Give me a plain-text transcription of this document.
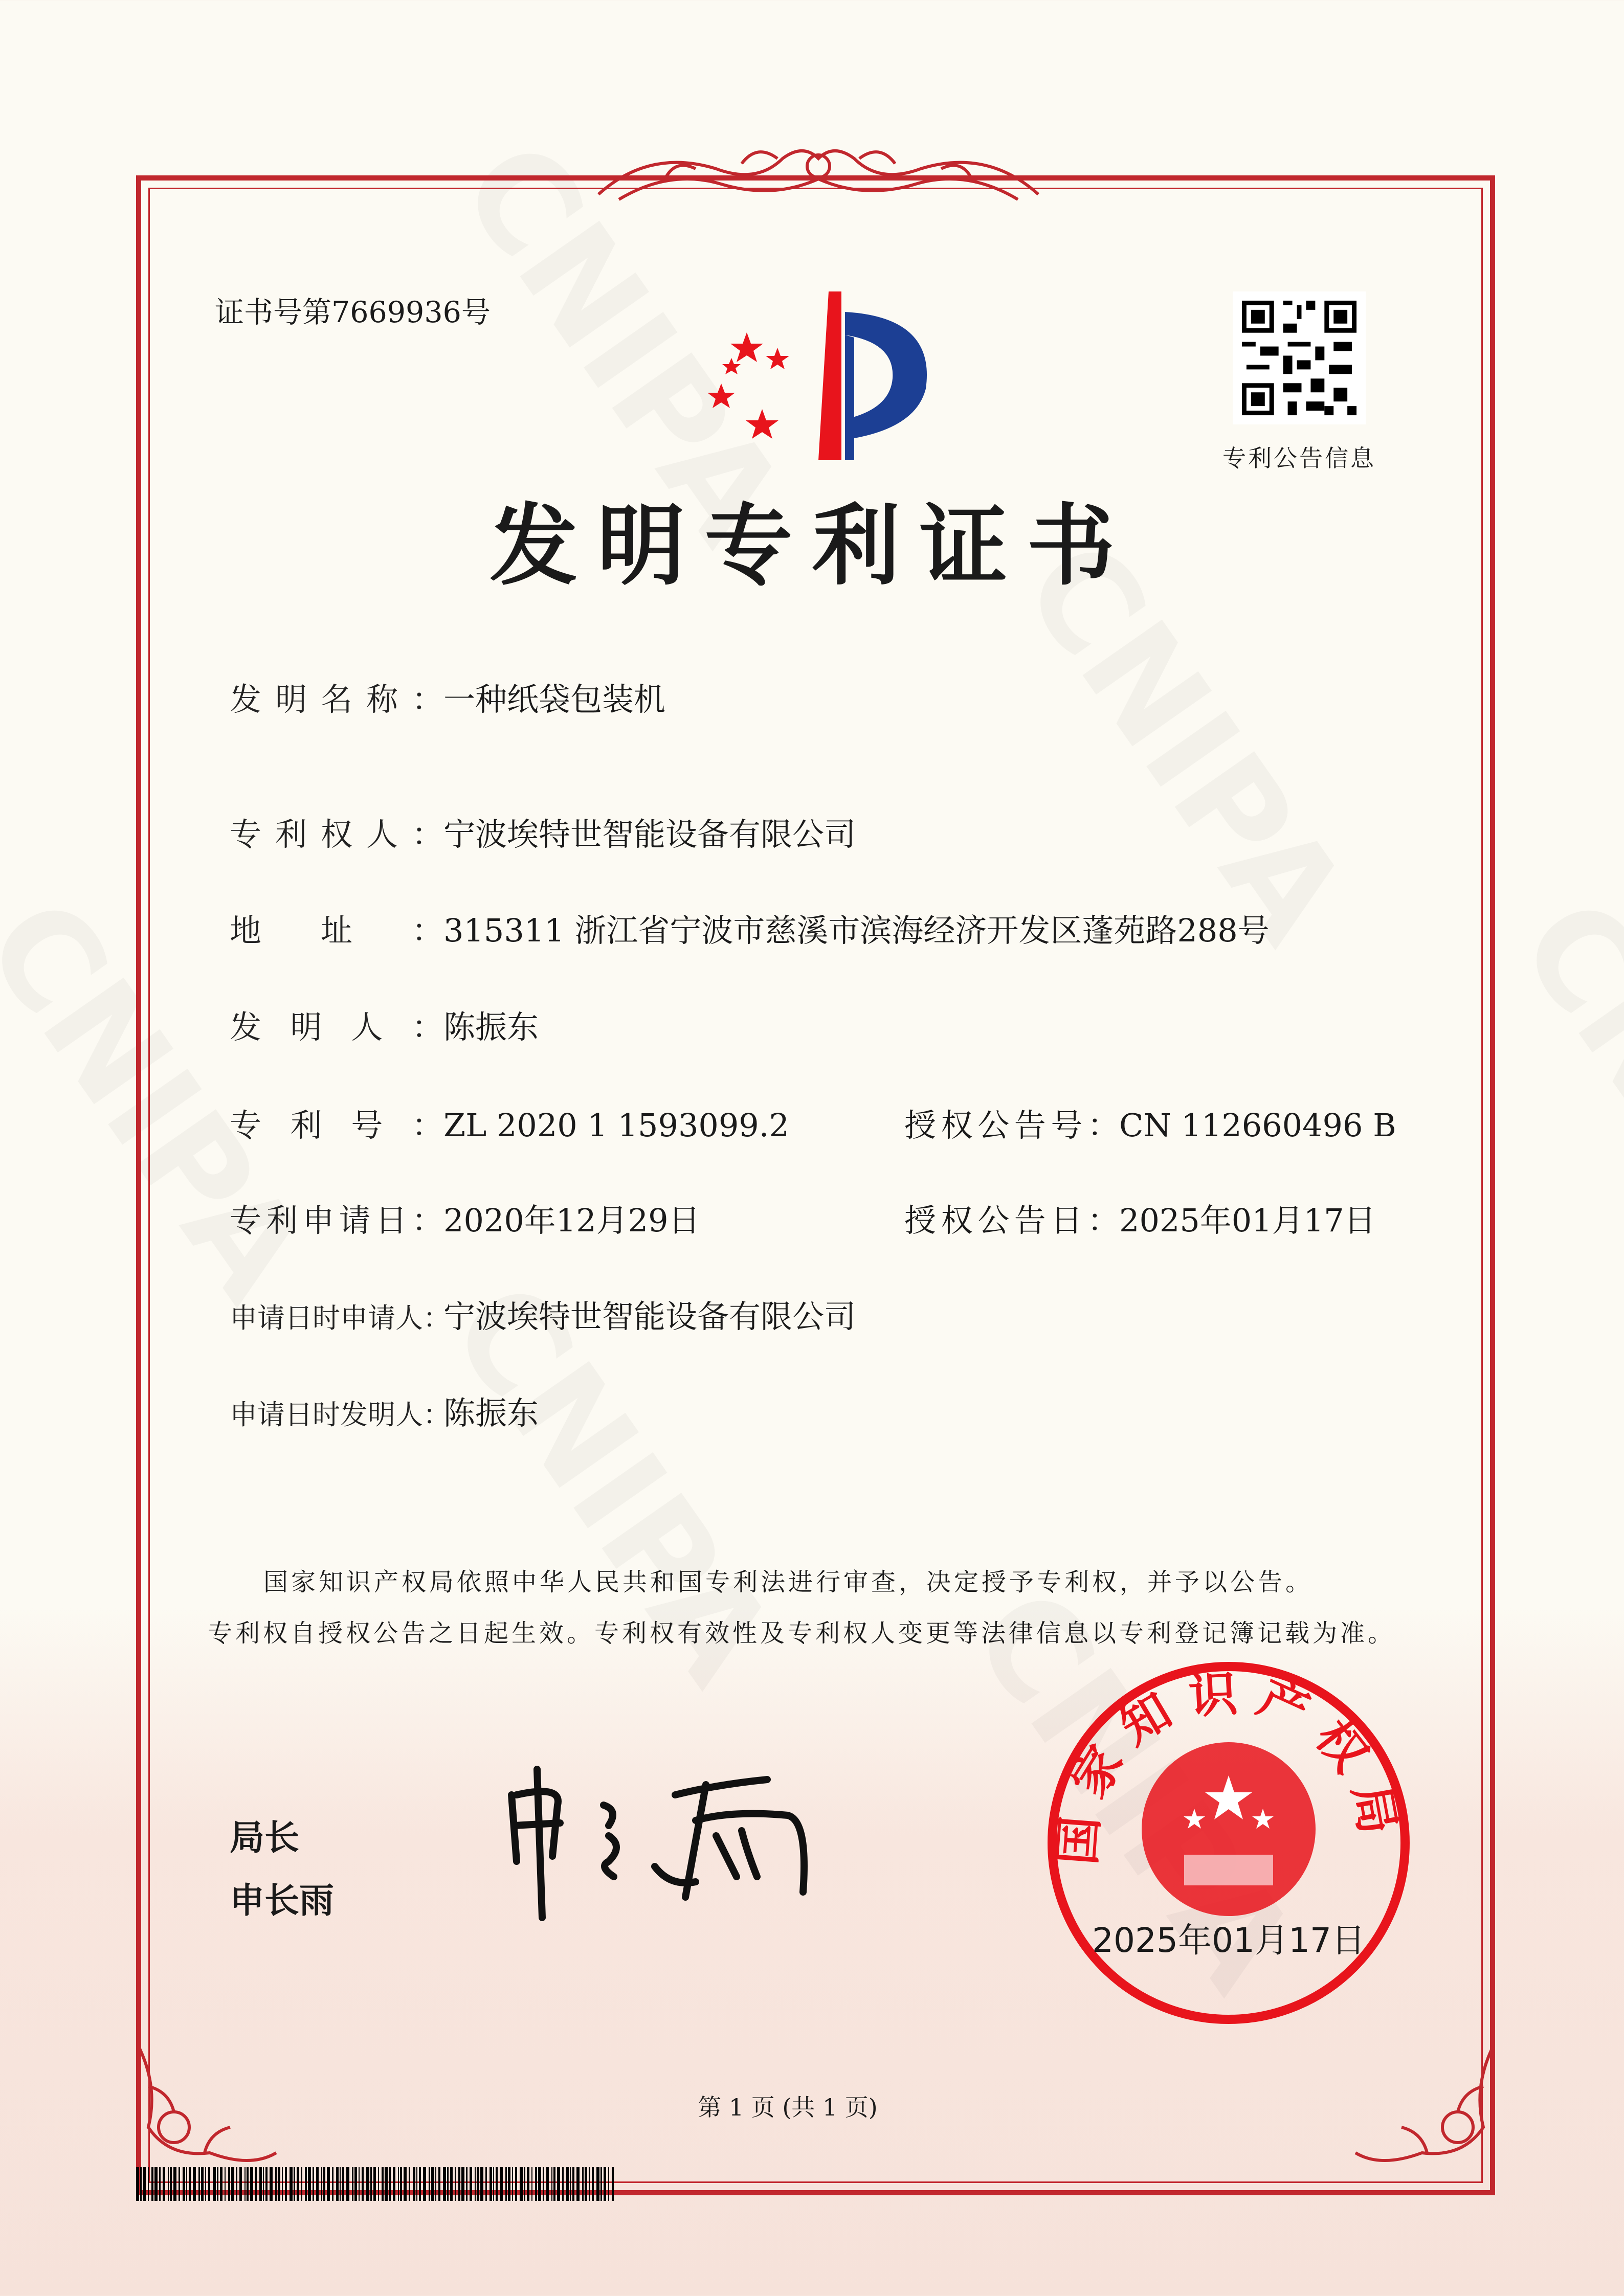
证书号第7669936号
专利公告信息
发明专利证书
发明名称：一种纸袋包装机
专利权人：宁波埃特世智能设备有限公司
地址：315311 浙江省宁波市慈溪市滨海经济开发区蓬苑路288号
发明人：陈振东
专利号：ZL 2020 1 1593099.2	授权公告号：CN 112660496 B
专利申请日：2020年12月29日	授权公告日：2025年01月17日
申请日时申请人：宁波埃特世智能设备有限公司
申请日时发明人：陈振东
国家知识产权局依照中华人民共和国专利法进行审查，决定授予专利权，并予以公告。
专利权自授权公告之日起生效。专利权有效性及专利权人变更等法律信息以专利登记簿记载为准。
局长
申长雨
国家知识产权局
2025年01月17日
第 1 页 (共 1 页)
